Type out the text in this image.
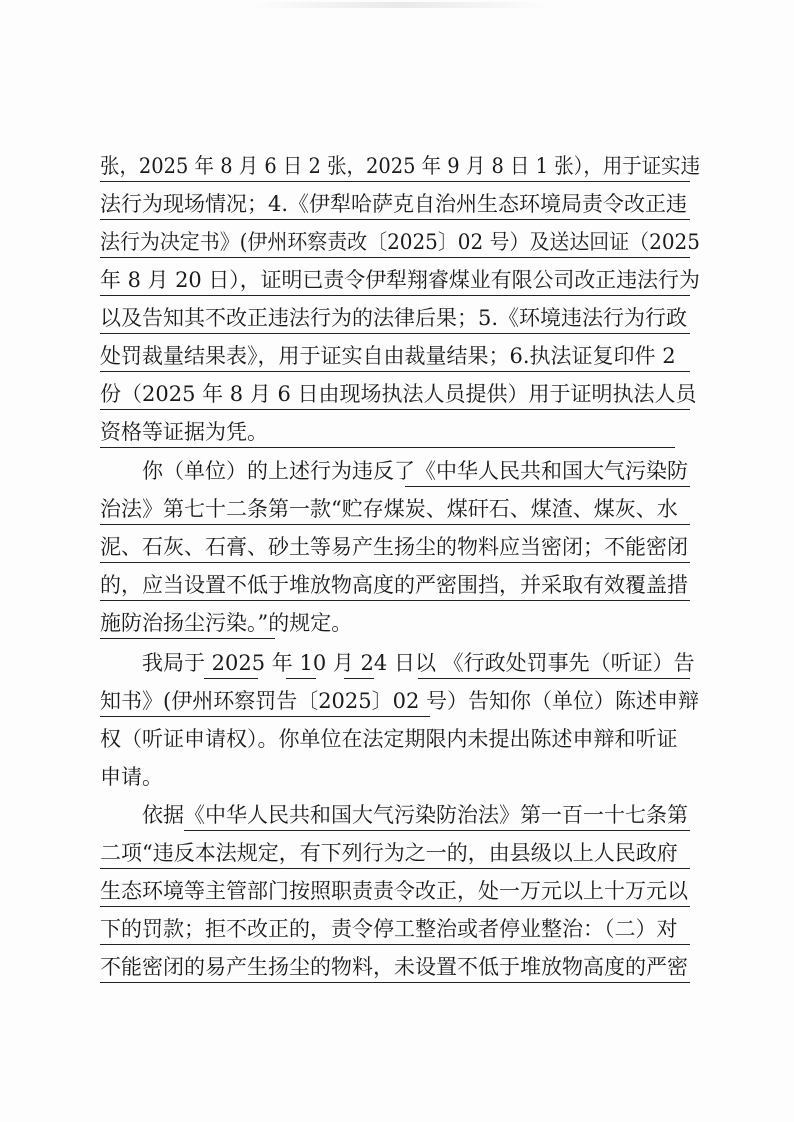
张，2025 年 8 月 6 日 2 张，2025 年 9 月 8 日 1 张），用于证实违
法行为现场情况；4.《伊犁哈萨克自治州生态环境局责令改正违
法行为决定书》(伊州环察责改〔2025〕02 号）及送达回证（2025
年 8 月 20 日），证明已责令伊犁翔睿煤业有限公司改正违法行为
以及告知其不改正违法行为的法律后果；5.《环境违法行为行政
处罚裁量结果表》，用于证实自由裁量结果；6.执法证复印件 2
份（2025 年 8 月 6 日由现场执法人员提供）用于证明执法人员
资格等证据为凭。
你（单位）的上述行为违反了《中华人民共和国大气污染防
治法》第七十二条第一款“贮存煤炭、煤矸石、煤渣、煤灰、水
泥、石灰、石膏、砂土等易产生扬尘的物料应当密闭；不能密闭
的，应当设置不低于堆放物高度的严密围挡，并采取有效覆盖措
施防治扬尘污染。”的规定。
我局于 2025 年 10 月 24 日以 《行政处罚事先（听证）告
知书》(伊州环察罚告〔2025〕02 号）告知你（单位）陈述申辩
权（听证申请权）。你单位在法定期限内未提出陈述申辩和听证
申请。
依据《中华人民共和国大气污染防治法》第一百一十七条第
二项“违反本法规定，有下列行为之一的，由县级以上人民政府
生态环境等主管部门按照职责责令改正，处一万元以上十万元以
下的罚款；拒不改正的，责令停工整治或者停业整治：（二）对
不能密闭的易产生扬尘的物料，未设置不低于堆放物高度的严密
